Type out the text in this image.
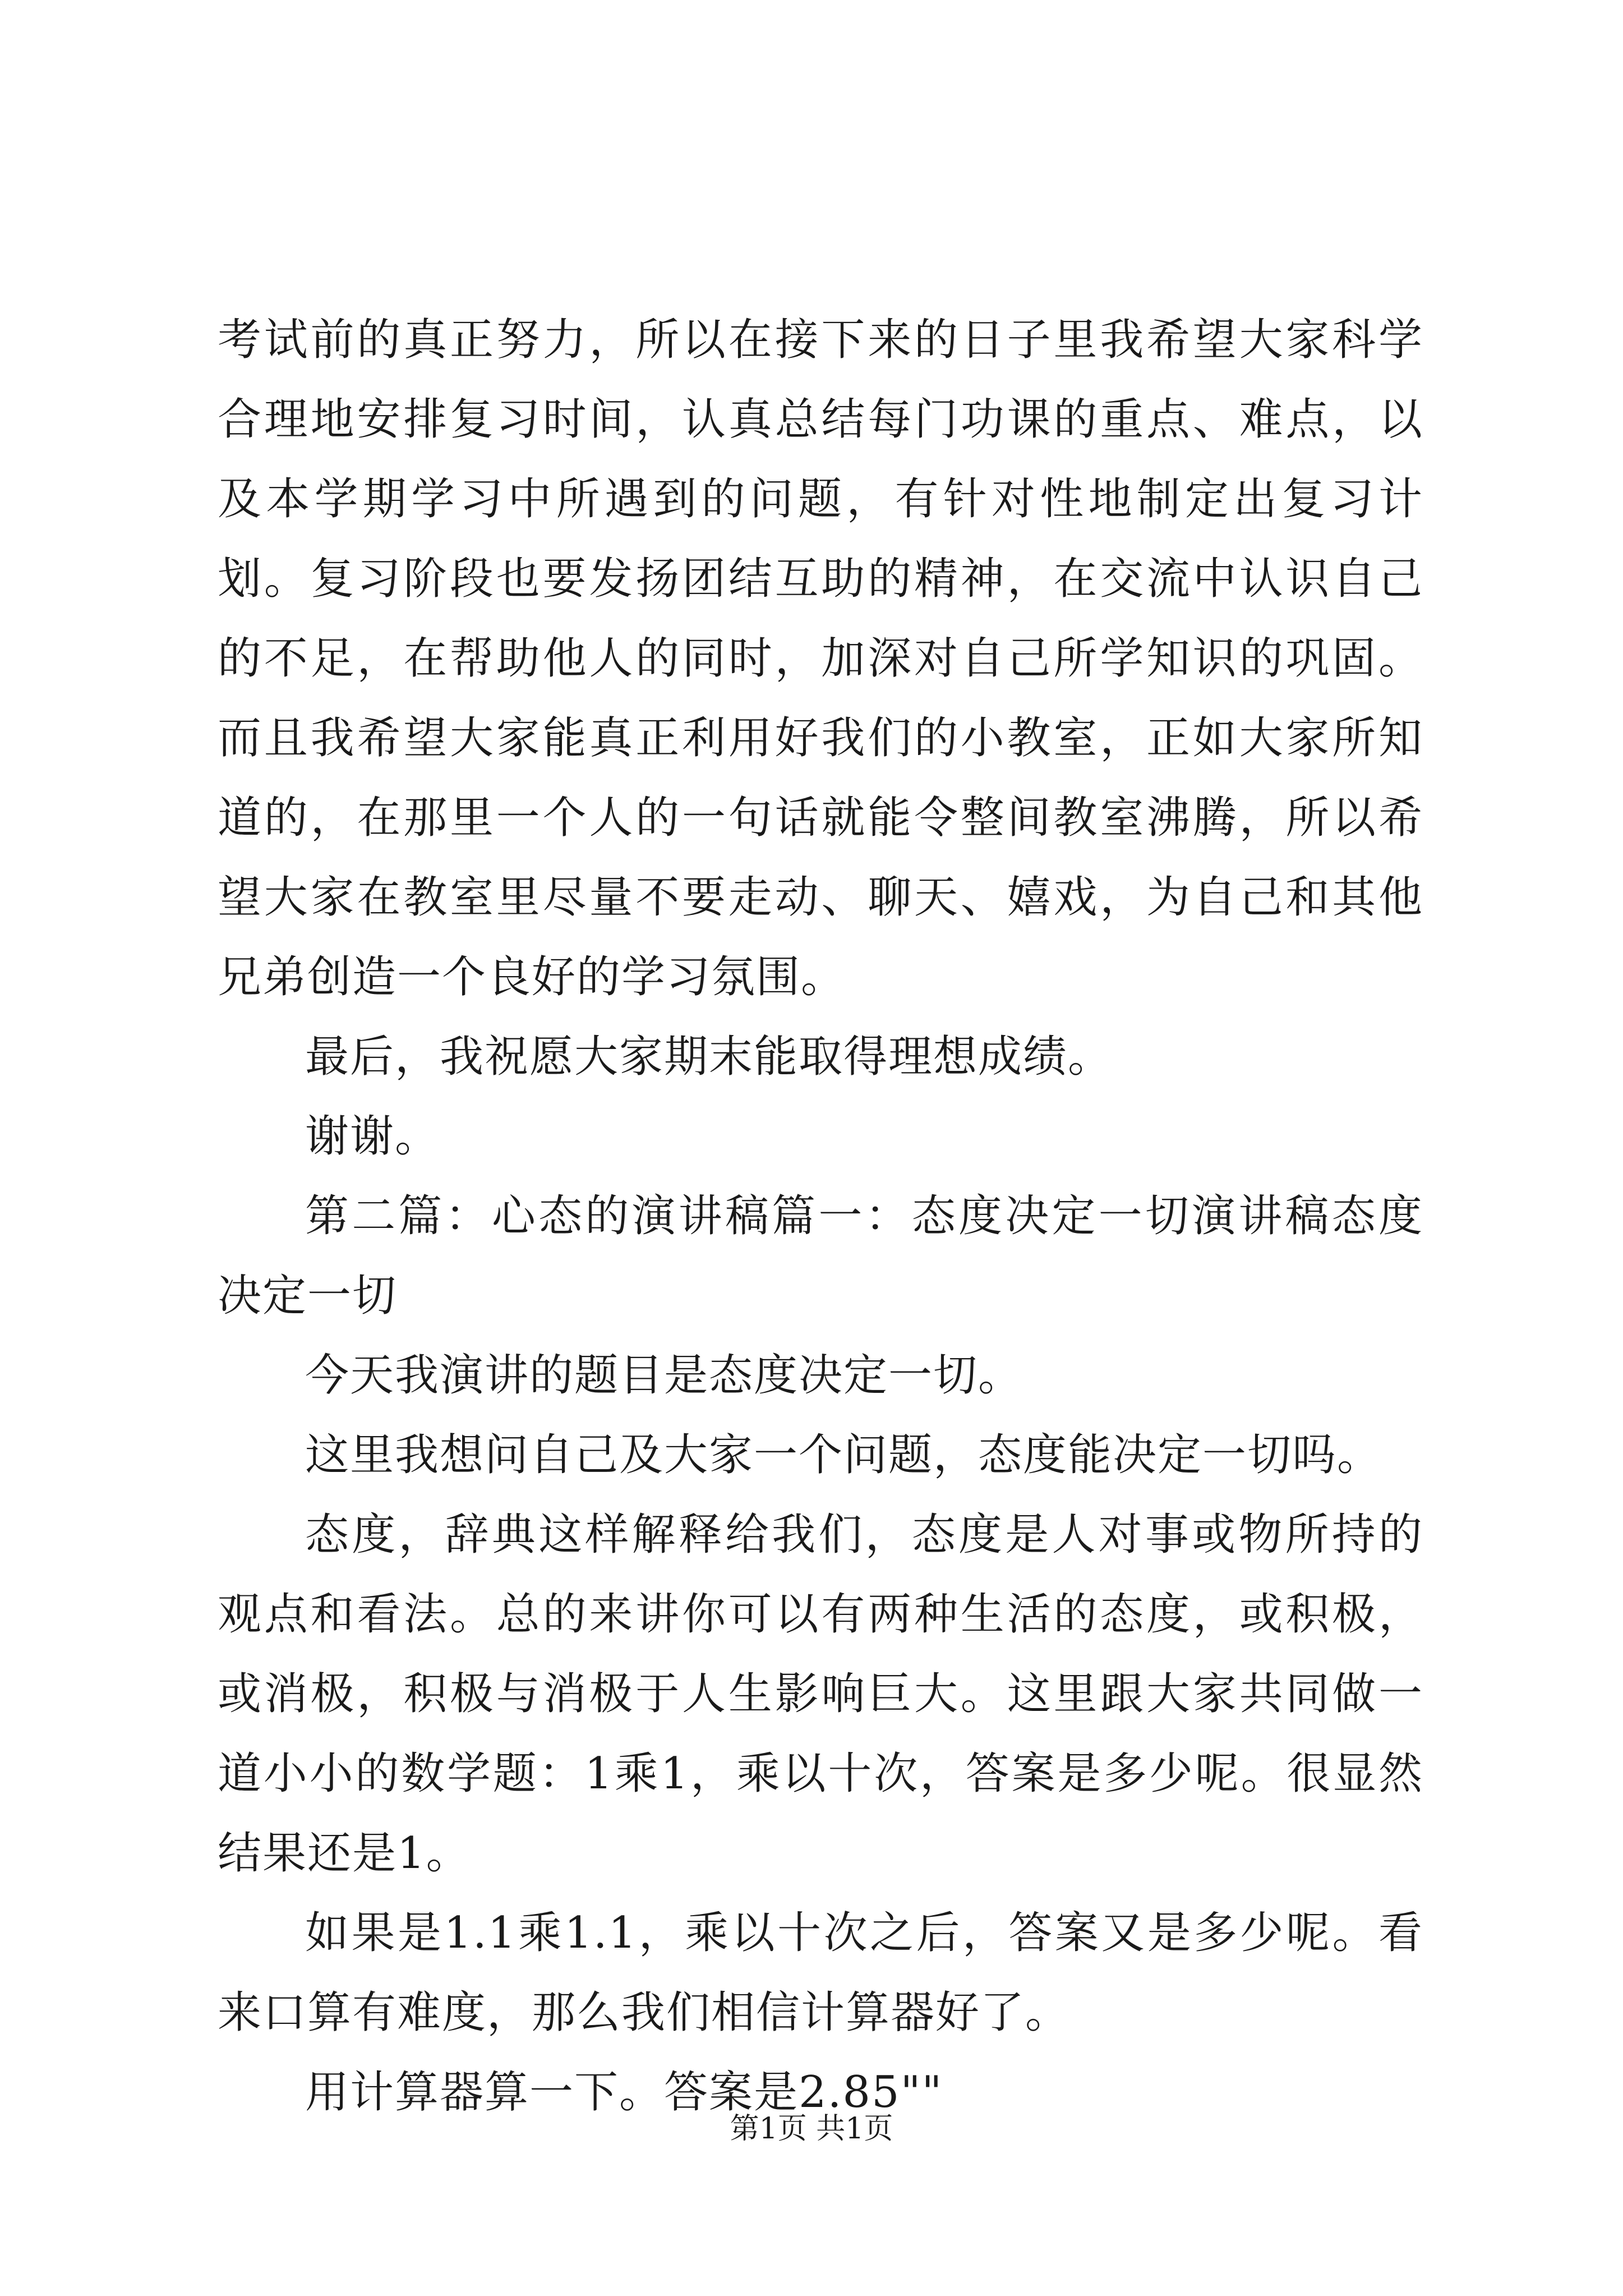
考试前的真正努力，所以在接下来的日子里我希望大家科学合理地安排复习时间，认真总结每门功课的重点、难点，以及本学期学习中所遇到的问题，有针对性地制定出复习计划。复习阶段也要发扬团结互助的精神，在交流中认识自己的不足，在帮助他人的同时，加深对自己所学知识的巩固。而且我希望大家能真正利用好我们的小教室，正如大家所知道的，在那里一个人的一句话就能令整间教室沸腾，所以希望大家在教室里尽量不要走动、聊天、嬉戏，为自己和其他兄弟创造一个良好的学习氛围。

最后，我祝愿大家期末能取得理想成绩。

谢谢。

第二篇：心态的演讲稿篇一：态度决定一切演讲稿态度决定一切

今天我演讲的题目是态度决定一切。

这里我想问自己及大家一个问题，态度能决定一切吗。

态度，辞典这样解释给我们，态度是人对事或物所持的观点和看法。总的来讲你可以有两种生活的态度，或积极，或消极，积极与消极于人生影响巨大。这里跟大家共同做一道小小的数学题：1乘1，乘以十次，答案是多少呢。很显然结果还是1。

如果是1.1乘1.1，乘以十次之后，答案又是多少呢。看来口算有难度，那么我们相信计算器好了。

用计算器算一下。答案是2.85""

第1页 共1页
